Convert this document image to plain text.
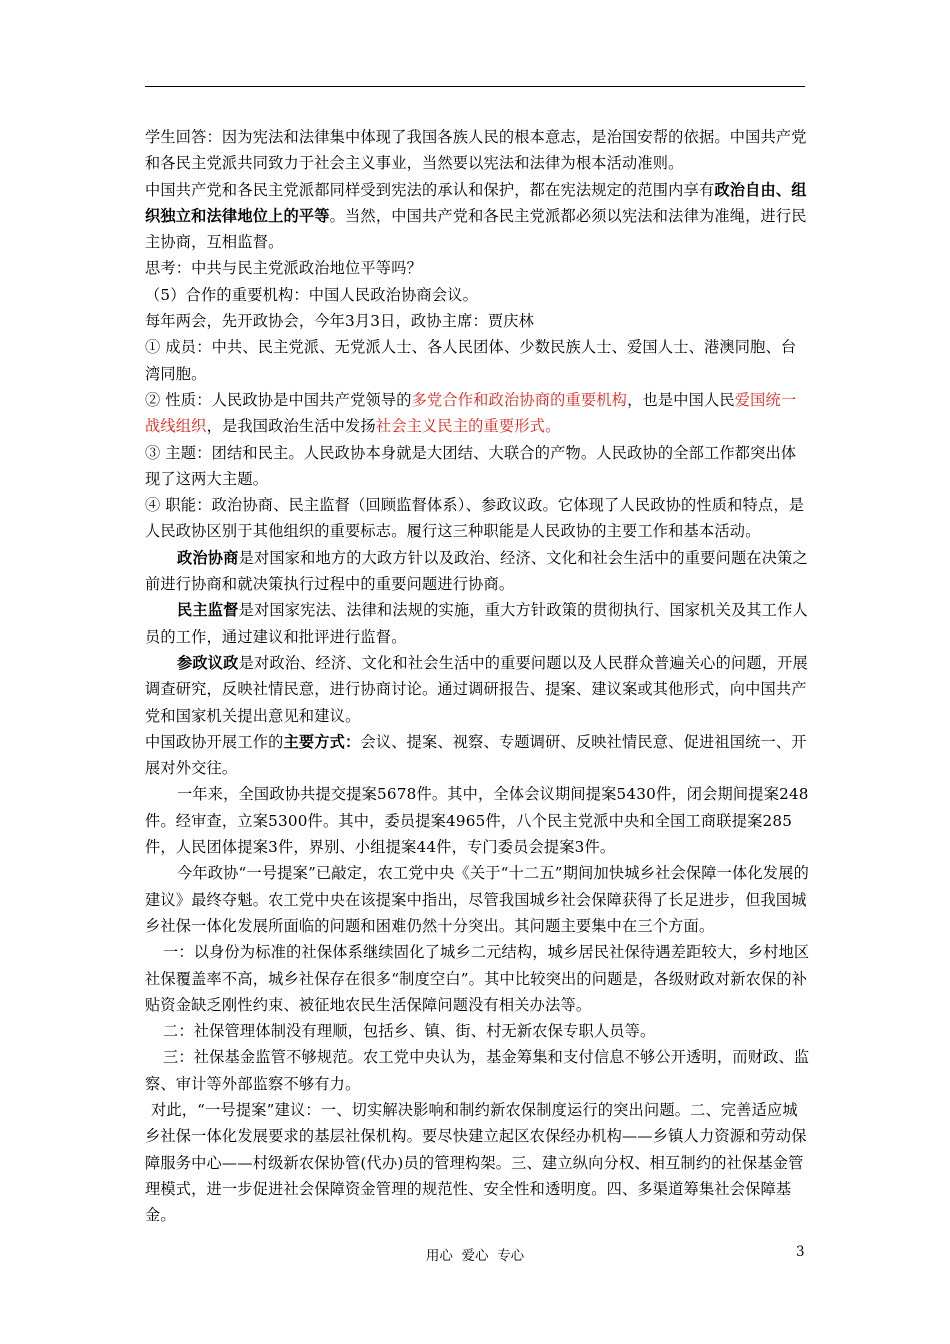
学生回答：因为宪法和法律集中体现了我国各族人民的根本意志，是治国安帮的依据。中国共产党和各民主党派共同致力于社会主义事业，当然要以宪法和法律为根本活动准则。

中国共产党和各民主党派都同样受到宪法的承认和保护，都在宪法规定的范围内享有政治自由、组织独立和法律地位上的平等。当然，中国共产党和各民主党派都必须以宪法和法律为准绳，进行民主协商，互相监督。

思考：中共与民主党派政治地位平等吗？

（5）合作的重要机构：中国人民政治协商会议。

每年两会，先开政协会，今年3月3日，政协主席：贾庆林

① 成员：中共、民主党派、无党派人士、各人民团体、少数民族人士、爱国人士、港澳同胞、台湾同胞。

② 性质：人民政协是中国共产党领导的多党合作和政治协商的重要机构，也是中国人民爱国统一战线组织，是我国政治生活中发扬社会主义民主的重要形式。

③ 主题：团结和民主。人民政协本身就是大团结、大联合的产物。人民政协的全部工作都突出体现了这两大主题。

④ 职能：政治协商、民主监督（回顾监督体系）、参政议政。它体现了人民政协的性质和特点，是人民政协区别于其他组织的重要标志。履行这三种职能是人民政协的主要工作和基本活动。

政治协商是对国家和地方的大政方针以及政治、经济、文化和社会生活中的重要问题在决策之前进行协商和就决策执行过程中的重要问题进行协商。

民主监督是对国家宪法、法律和法规的实施，重大方针政策的贯彻执行、国家机关及其工作人员的工作，通过建议和批评进行监督。

参政议政是对政治、经济、文化和社会生活中的重要问题以及人民群众普遍关心的问题，开展调查研究，反映社情民意，进行协商讨论。通过调研报告、提案、建议案或其他形式，向中国共产党和国家机关提出意见和建议。

中国政协开展工作的主要方式：会议、提案、视察、专题调研、反映社情民意、促进祖国统一、开展对外交往。

一年来，全国政协共提交提案5678件。其中，全体会议期间提案5430件，闭会期间提案248件。经审查，立案5300件。其中，委员提案4965件，八个民主党派中央和全国工商联提案285件，人民团体提案3件，界别、小组提案44件，专门委员会提案3件。

今年政协“一号提案”已敲定，农工党中央《关于“十二五”期间加快城乡社会保障一体化发展的建议》最终夺魁。农工党中央在该提案中指出，尽管我国城乡社会保障获得了长足进步，但我国城乡社保一体化发展所面临的问题和困难仍然十分突出。其问题主要集中在三个方面。

一：以身份为标准的社保体系继续固化了城乡二元结构，城乡居民社保待遇差距较大，乡村地区社保覆盖率不高，城乡社保存在很多“制度空白”。其中比较突出的问题是，各级财政对新农保的补贴资金缺乏刚性约束、被征地农民生活保障问题没有相关办法等。

二：社保管理体制没有理顺，包括乡、镇、街、村无新农保专职人员等。

三：社保基金监管不够规范。农工党中央认为，基金筹集和支付信息不够公开透明，而财政、监察、审计等外部监察不够有力。

对此，“一号提案”建议：一、切实解决影响和制约新农保制度运行的突出问题。二、完善适应城乡社保一体化发展要求的基层社保机构。要尽快建立起区农保经办机构——乡镇人力资源和劳动保障服务中心——村级新农保协管(代办)员的管理构架。三、建立纵向分权、相互制约的社保基金管理模式，进一步促进社会保障资金管理的规范性、安全性和透明度。四、多渠道筹集社会保障基金。

用心  爱心  专心	3
